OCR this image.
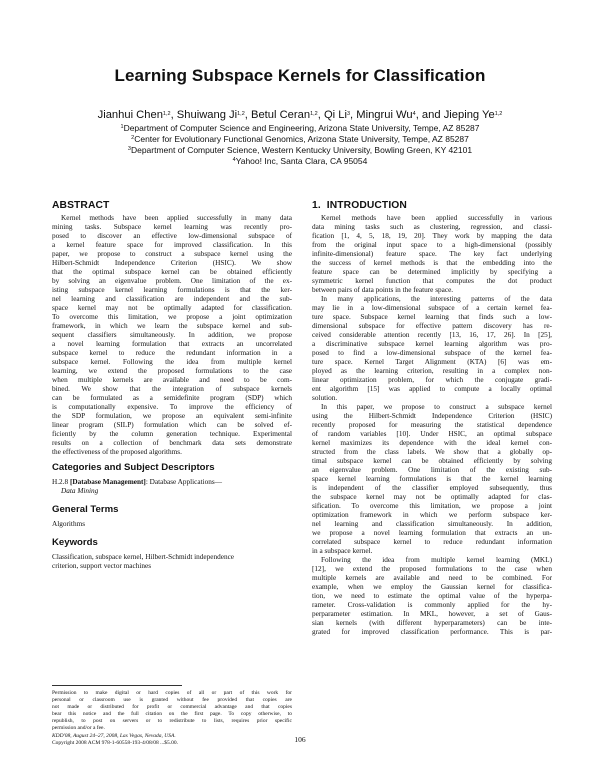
Learning Subspace Kernels for Classification
Jianhui Chen$^{1,2}$, Shuiwang Ji$^{1,2}$, Betul Ceran$^{1,2}$, Qi Li$^3$, Mingrui Wu$^4$, and Jieping Ye$^{1,2}$
$^1$Department of Computer Science and Engineering, Arizona State University, Tempe, AZ 85287
$^2$Center for Evolutionary Functional Genomics, Arizona State University, Tempe, AZ 85287
$^3$Department of Computer Science, Western Kentucky University, Bowling Green, KY 42101
$^4$Yahoo! Inc, Santa Clara, CA 95054
ABSTRACT
Kernel methods have been applied successfully in many data
mining tasks. Subspace kernel learning was recently pro-
posed to discover an effective low-dimensional subspace of
a kernel feature space for improved classification. In this
paper, we propose to construct a subspace kernel using the
Hilbert-Schmidt Independence Criterion (HSIC). We show
that the optimal subspace kernel can be obtained efficiently
by solving an eigenvalue problem. One limitation of the ex-
isting subspace kernel learning formulations is that the ker-
nel learning and classification are independent and the sub-
space kernel may not be optimally adapted for classification.
To overcome this limitation, we propose a joint optimization
framework, in which we learn the subspace kernel and sub-
sequent classifiers simultaneously. In addition, we propose
a novel learning formulation that extracts an uncorrelated
subspace kernel to reduce the redundant information in a
subspace kernel. Following the idea from multiple kernel
learning, we extend the proposed formulations to the case
when multiple kernels are available and need to be com-
bined. We show that the integration of subspace kernels
can be formulated as a semidefinite program (SDP) which
is computationally expensive. To improve the efficiency of
the SDP formulation, we propose an equivalent semi-infinite
linear program (SILP) formulation which can be solved ef-
ficiently by the column generation technique. Experimental
results on a collection of benchmark data sets demonstrate
the effectiveness of the proposed algorithms.
Categories and Subject Descriptors
H.2.8 [Database Management]: Database Applications—
Data Mining
General Terms
Algorithms
Keywords
Classification, subspace kernel, Hilbert-Schmidt independence
criterion, support vector machines
Permission to make digital or hard copies of all or part of this work for
personal or classroom use is granted without fee provided that copies are
not made or distributed for profit or commercial advantage and that copies
bear this notice and the full citation on the first page. To copy otherwise, to
republish, to post on servers or to redistribute to lists, requires prior specific
permission and/or a fee.
KDD'08, August 24–27, 2008, Las Vegas, Nevada, USA.
Copyright 2008 ACM 978-1-60558-193-4/08/08 ...$5.00.
1. INTRODUCTION
Kernel methods have been applied successfully in various
data mining tasks such as clustering, regression, and classi-
fication [1, 4, 5, 18, 19, 20]. They work by mapping the data
from the original input space to a high-dimensional (possibly
infinite-dimensional) feature space. The key fact underlying
the success of kernel methods is that the embedding into the
feature space can be determined implicitly by specifying a
symmetric kernel function that computes the dot product
between pairs of data points in the feature space.
In many applications, the interesting patterns of the data
may lie in a low-dimensional subspace of a certain kernel fea-
ture space. Subspace kernel learning that finds such a low-
dimensional subspace for effective pattern discovery has re-
ceived considerable attention recently [13, 16, 17, 26]. In [25],
a discriminative subspace kernel learning algorithm was pro-
posed to find a low-dimensional subspace of the kernel fea-
ture space. Kernel Target Alignment (KTA) [6] was em-
ployed as the learning criterion, resulting in a complex non-
linear optimization problem, for which the conjugate gradi-
ent algorithm [15] was applied to compute a locally optimal
solution.
In this paper, we propose to construct a subspace kernel
using the Hilbert-Schmidt Independence Criterion (HSIC)
recently proposed for measuring the statistical dependence
of random variables [10]. Under HSIC, an optimal subspace
kernel maximizes its dependence with the ideal kernel con-
structed from the class labels. We show that a globally op-
timal subspace kernel can be obtained efficiently by solving
an eigenvalue problem. One limitation of the existing sub-
space kernel learning formulations is that the kernel learning
is independent of the classifier employed subsequently, thus
the subspace kernel may not be optimally adapted for clas-
sification. To overcome this limitation, we propose a joint
optimization framework in which we perform subspace ker-
nel learning and classification simultaneously. In addition,
we propose a novel learning formulation that extracts an un-
correlated subspace kernel to reduce redundant information
in a subspace kernel.
Following the idea from multiple kernel learning (MKL)
[12], we extend the proposed formulations to the case when
multiple kernels are available and need to be combined. For
example, when we employ the Gaussian kernel for classifica-
tion, we need to estimate the optimal value of the hyperpa-
rameter. Cross-validation is commonly applied for the hy-
perparameter estimation. In MKL, however, a set of Gaus-
sian kernels (with different hyperparameters) can be inte-
grated for improved classification performance. This is par-
106
